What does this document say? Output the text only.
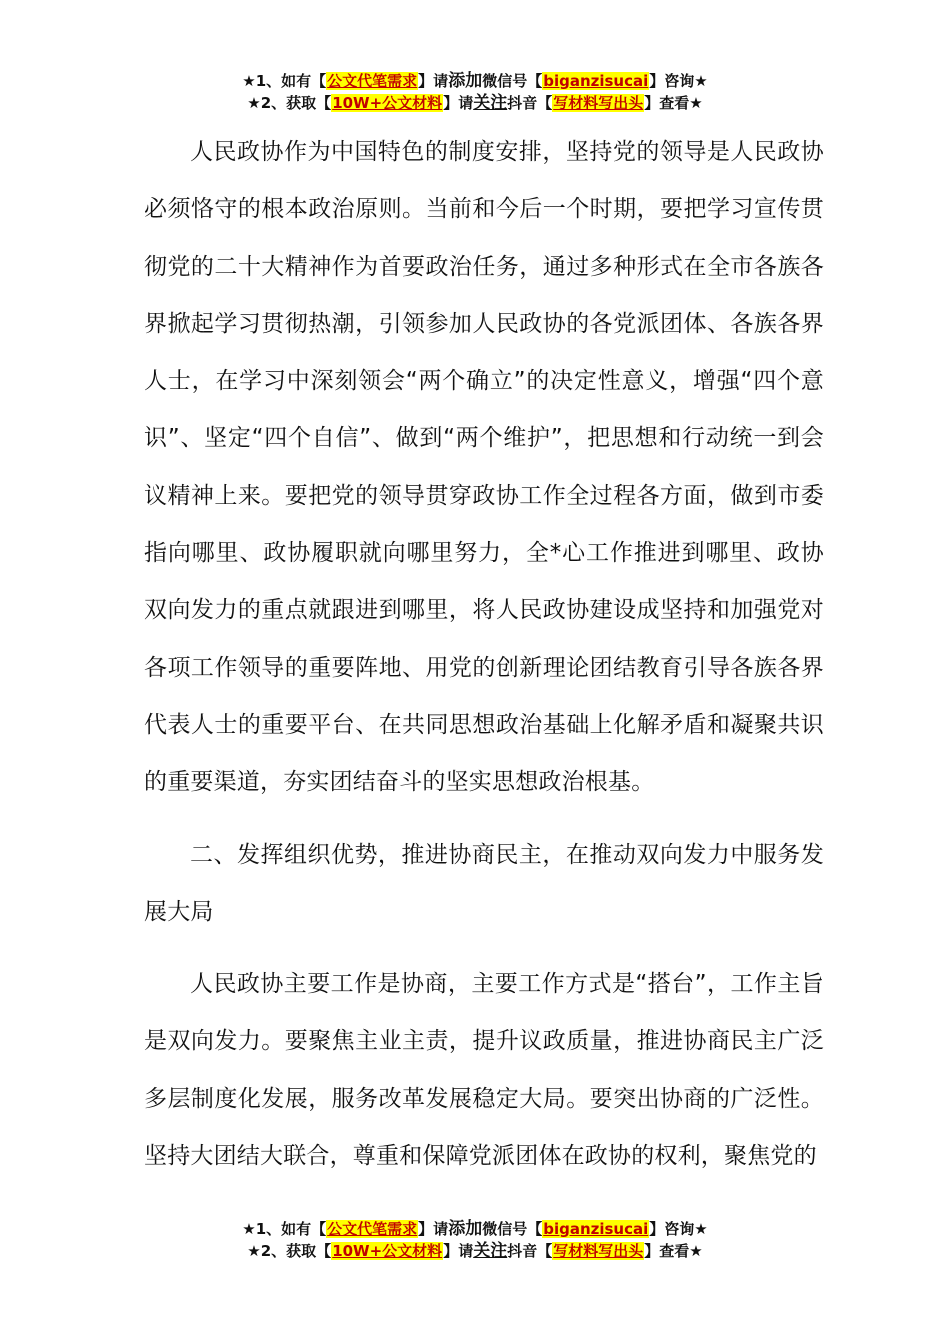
★1、如有【公文代笔需求】请添加微信号【biganzisucai】咨询★
★2、获取【10W+公文材料】请关注抖音【写材料写出头】查看★

人民政协作为中国特色的制度安排，坚持党的领导是人民政协必须恪守的根本政治原则。当前和今后一个时期，要把学习宣传贯彻党的二十大精神作为首要政治任务，通过多种形式在全市各族各界掀起学习贯彻热潮，引领参加人民政协的各党派团体、各族各界人士，在学习中深刻领会“两个确立”的决定性意义，增强“四个意识”、坚定“四个自信”、做到“两个维护”，把思想和行动统一到会议精神上来。要把党的领导贯穿政协工作全过程各方面，做到市委指向哪里、政协履职就向哪里努力，全*心工作推进到哪里、政协双向发力的重点就跟进到哪里，将人民政协建设成坚持和加强党对各项工作领导的重要阵地、用党的创新理论团结教育引导各族各界代表人士的重要平台、在共同思想政治基础上化解矛盾和凝聚共识的重要渠道，夯实团结奋斗的坚实思想政治根基。

二、发挥组织优势，推进协商民主，在推动双向发力中服务发展大局

人民政协主要工作是协商，主要工作方式是“搭台”，工作主旨是双向发力。要聚焦主业主责，提升议政质量，推进协商民主广泛多层制度化发展，服务改革发展稳定大局。要突出协商的广泛性。坚持大团结大联合，尊重和保障党派团体在政协的权利，聚焦党的

★1、如有【公文代笔需求】请添加微信号【biganzisucai】咨询★
★2、获取【10W+公文材料】请关注抖音【写材料写出头】查看★
